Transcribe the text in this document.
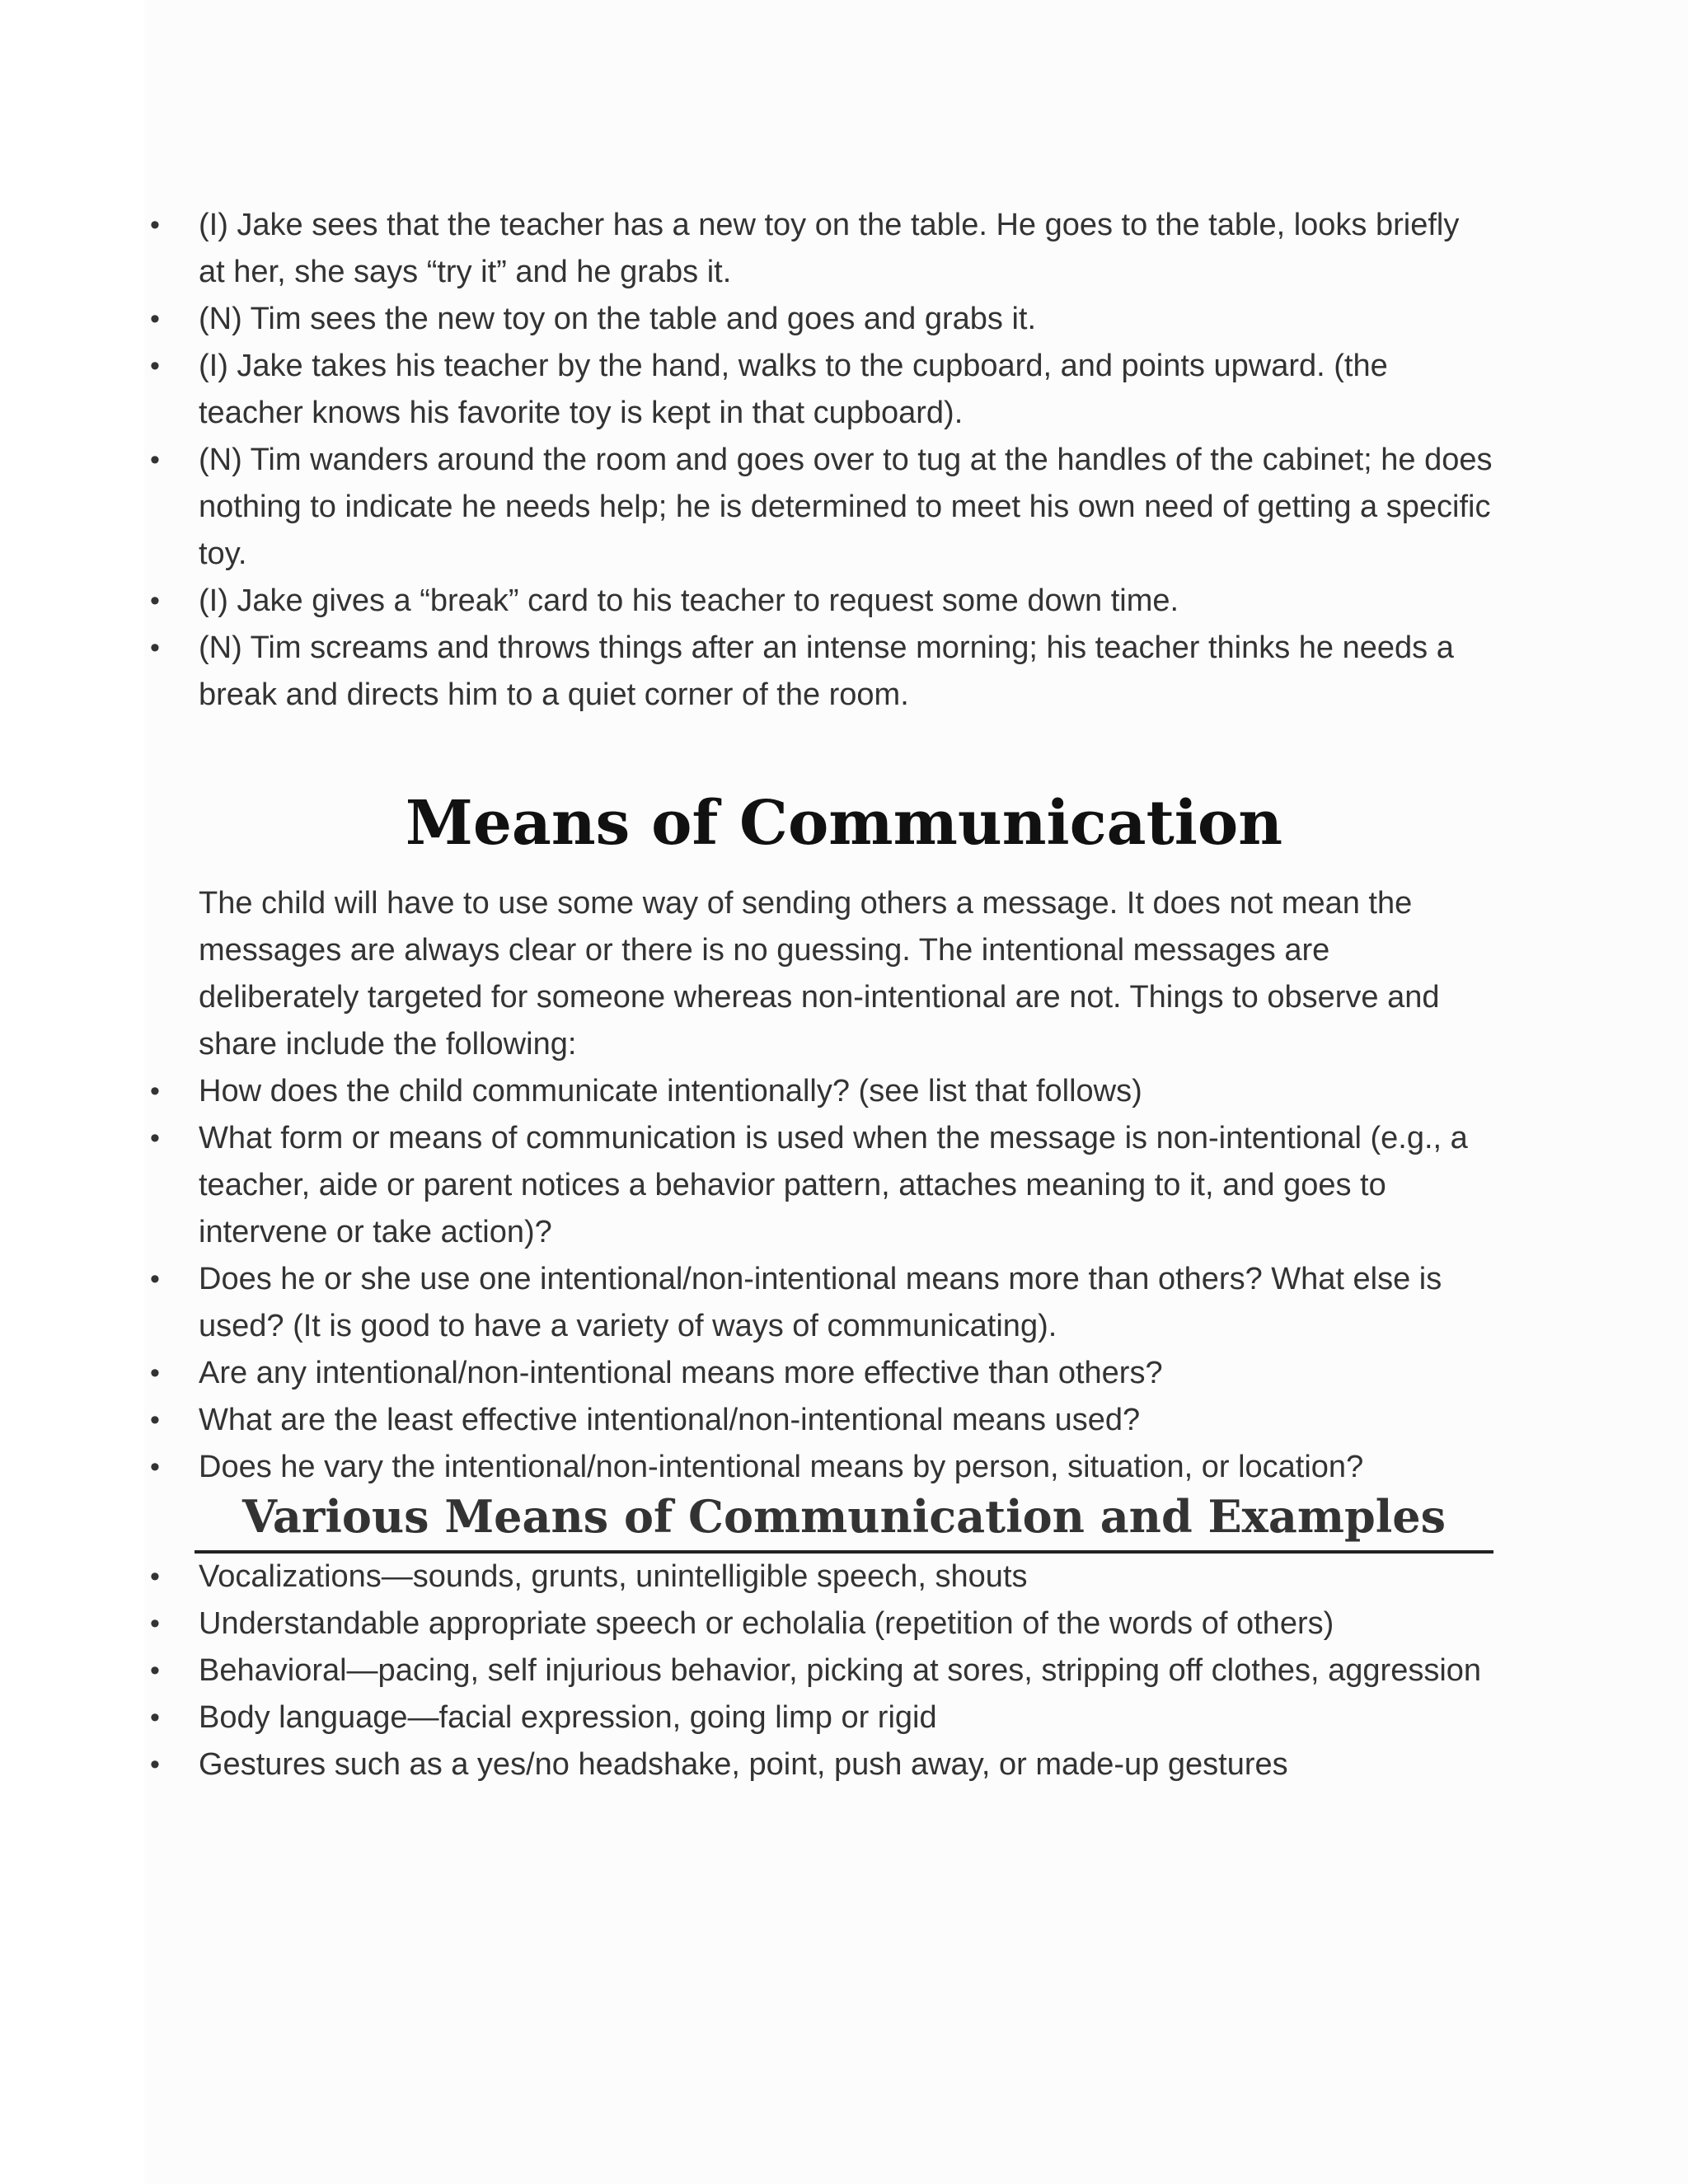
• (I) Jake sees that the teacher has a new toy on the table. He goes to the table, looks briefly at her, she says “try it” and he grabs it.
• (N) Tim sees the new toy on the table and goes and grabs it.
• (I) Jake takes his teacher by the hand, walks to the cupboard, and points upward. (the teacher knows his favorite toy is kept in that cupboard).
• (N) Tim wanders around the room and goes over to tug at the handles of the cabinet; he does nothing to indicate he needs help; he is determined to meet his own need of getting a specific toy.
• (I) Jake gives a “break” card to his teacher to request some down time.
• (N) Tim screams and throws things after an intense morning; his teacher thinks he needs a break and directs him to a quiet corner of the room.
Means of Communication

The child will have to use some way of sending others a message. It does not mean the messages are always clear or there is no guessing. The intentional messages are deliberately targeted for someone whereas non-intentional are not. Things to observe and share include the following:

• How does the child communicate intentionally? (see list that follows)
• What form or means of communication is used when the message is non-intentional (e.g., a teacher, aide or parent notices a behavior pattern, attaches meaning to it, and goes to intervene or take action)?
• Does he or she use one intentional/non-intentional means more than others? What else is used? (It is good to have a variety of ways of communicating).
• Are any intentional/non-intentional means more effective than others?
• What are the least effective intentional/non-intentional means used?
• Does he vary the intentional/non-intentional means by person, situation, or location?
Various Means of Communication and Examples
• Vocalizations—sounds, grunts, unintelligible speech, shouts
• Understandable appropriate speech or echolalia (repetition of the words of others)
• Behavioral—pacing, self injurious behavior, picking at sores, stripping off clothes, aggression
• Body language—facial expression, going limp or rigid
• Gestures such as a yes/no headshake, point, push away, or made-up gestures
